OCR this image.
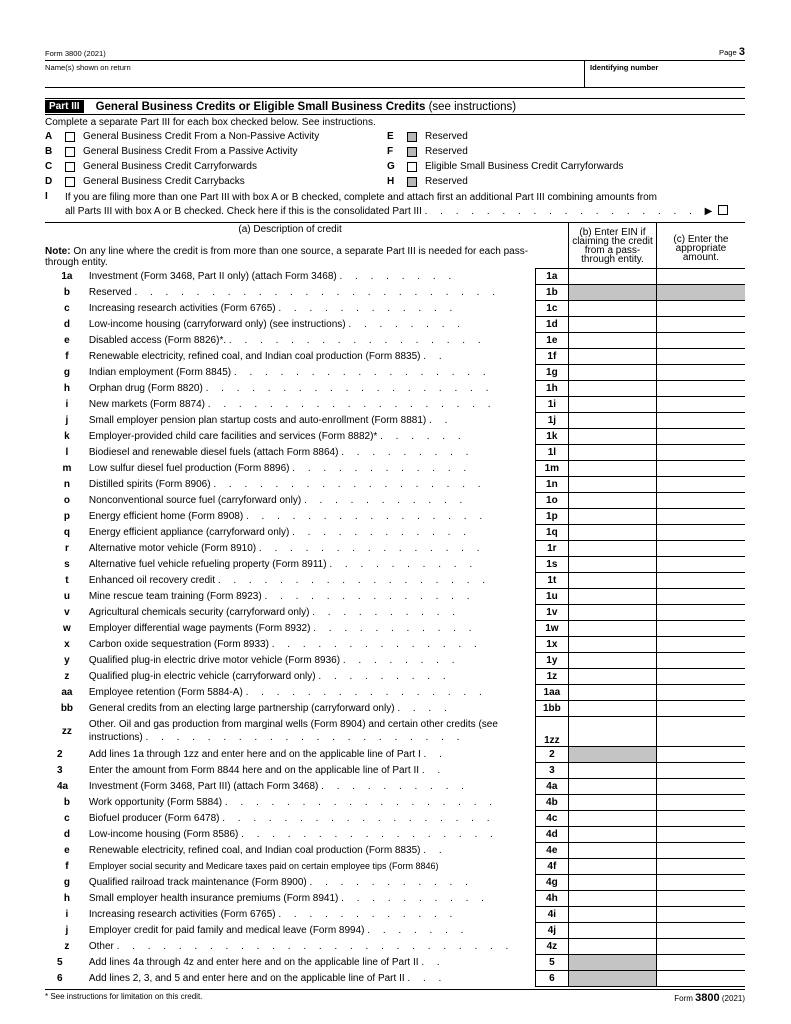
Form 3800 (2021)	Page 3
Name(s) shown on return	Identifying number
Part III	General Business Credits or Eligible Small Business Credits (see instructions)
Complete a separate Part III for each box checked below. See instructions.
A	General Business Credit From a Non-Passive Activity
B	General Business Credit From a Passive Activity
C	General Business Credit Carryforwards
D	General Business Credit Carrybacks
E	Reserved
F	Reserved
G	Eligible Small Business Credit Carryforwards
H	Reserved
I	If you are filing more than one Part III with box A or B checked, complete and attach first an additional Part III combining amounts from
all Parts III with box A or B checked. Check here if this is the consolidated Part III . . . . . . . . . . . . . . . . . . ▶
(a) Description of credit
Note: On any line where the credit is from more than one source, a separate Part III is needed for each pass-through entity.			(b) Enter EIN if claiming the credit from a pass-through entity.	(c) Enter the appropriate amount.
1a	Investment (Form 3468, Part II only) (attach Form 3468) . . . . . . . .	1a		
b	Reserved . . . . . . . . . . . . . . . . . . . . . . . .	1b		
c	Increasing research activities (Form 6765) . . . . . . . . . . . .	1c		
d	Low-income housing (carryforward only) (see instructions) . . . . . . . .	1d		
e	Disabled access (Form 8826)*. . . . . . . . . . . . . . . . . .	1e		
f	Renewable electricity, refined coal, and Indian coal production (Form 8835) . .	1f		
g	Indian employment (Form 8845) . . . . . . . . . . . . . . . . .	1g		
h	Orphan drug (Form 8820) . . . . . . . . . . . . . . . . . . .	1h		
i	New markets (Form 8874) . . . . . . . . . . . . . . . . . . .	1i		
j	Small employer pension plan startup costs and auto-enrollment (Form 8881) . .	1j		
k	Employer-provided child care facilities and services (Form 8882)* . . . . . .	1k		
l	Biodiesel and renewable diesel fuels (attach Form 8864) . . . . . . . . .	1l		
m	Low sulfur diesel fuel production (Form 8896) . . . . . . . . . . . .	1m		
n	Distilled spirits (Form 8906) . . . . . . . . . . . . . . . . . .	1n		
o	Nonconventional source fuel (carryforward only) . . . . . . . . . . .	1o		
p	Energy efficient home (Form 8908) . . . . . . . . . . . . . . . .	1p		
q	Energy efficient appliance (carryforward only) . . . . . . . . . . . .	1q		
r	Alternative motor vehicle (Form 8910) . . . . . . . . . . . . . . .	1r		
s	Alternative fuel vehicle refueling property (Form 8911) . . . . . . . . . .	1s		
t	Enhanced oil recovery credit . . . . . . . . . . . . . . . . . .	1t		
u	Mine rescue team training (Form 8923) . . . . . . . . . . . . . .	1u		
v	Agricultural chemicals security (carryforward only) . . . . . . . . . .	1v		
w	Employer differential wage payments (Form 8932) . . . . . . . . . . .	1w		
x	Carbon oxide sequestration (Form 8933) . . . . . . . . . . . . . .	1x		
y	Qualified plug-in electric drive motor vehicle (Form 8936) . . . . . . . .	1y		
z	Qualified plug-in electric vehicle (carryforward only) . . . . . . . . .	1z		
aa	Employee retention (Form 5884-A) . . . . . . . . . . . . . . . .	1aa		
bb	General credits from an electing large partnership (carryforward only) . . . .	1bb		
zz	Other. Oil and gas production from marginal wells (Form 8904) and certain other credits (see instructions) . . . . . . . . . . . . . . . . . . . . .	1zz		
2	Add lines 1a through 1zz and enter here and on the applicable line of Part I . .	2		
3	Enter the amount from Form 8844 here and on the applicable line of Part II . .	3		
4a	Investment (Form 3468, Part III) (attach Form 3468) . . . . . . . . . .	4a		
b	Work opportunity (Form 5884) . . . . . . . . . . . . . . . . . .	4b		
c	Biofuel producer (Form 6478) . . . . . . . . . . . . . . . . . .	4c		
d	Low-income housing (Form 8586) . . . . . . . . . . . . . . . . .	4d		
e	Renewable electricity, refined coal, and Indian coal production (Form 8835) . .	4e		
f	Employer social security and Medicare taxes paid on certain employee tips (Form 8846)	4f		
g	Qualified railroad track maintenance (Form 8900) . . . . . . . . . . .	4g		
h	Small employer health insurance premiums (Form 8941) . . . . . . . . . .	4h		
i	Increasing research activities (Form 6765) . . . . . . . . . . . .	4i		
j	Employer credit for paid family and medical leave (Form 8994) . . . . . . .	4j		
z	Other . . . . . . . . . . . . . . . . . . . . . . . . . .	4z		
5	Add lines 4a through 4z and enter here and on the applicable line of Part II . .	5		
6	Add lines 2, 3, and 5 and enter here and on the applicable line of Part II . . .	6		
* See instructions for limitation on this credit.	Form 3800 (2021)
